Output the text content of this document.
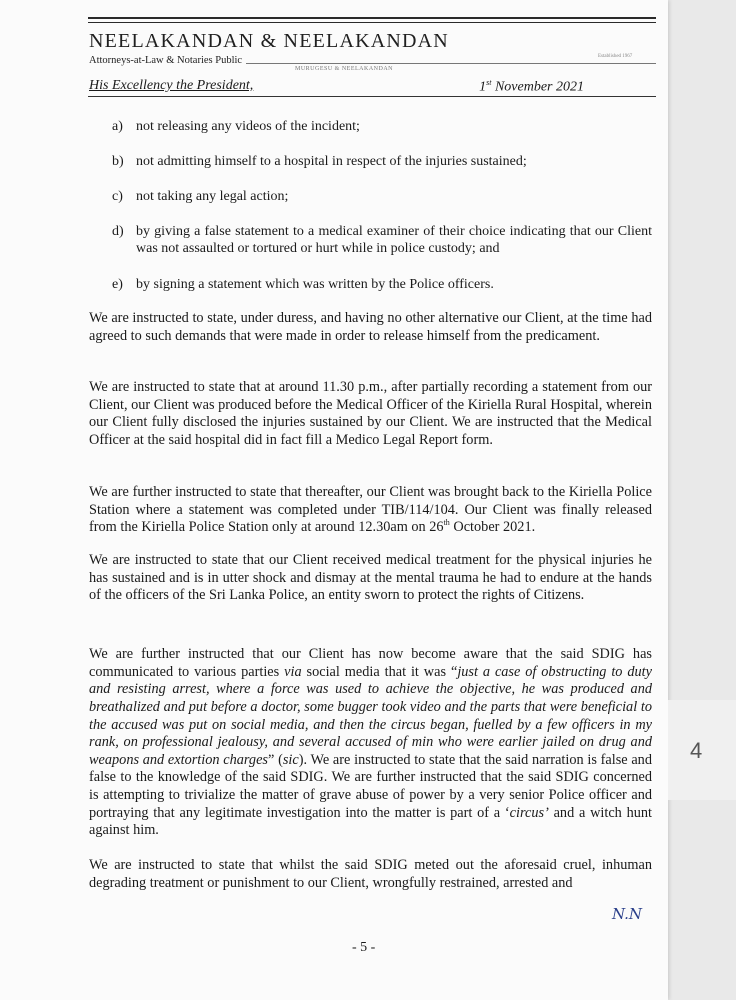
NEELAKANDAN & NEELAKANDAN
Attorneys-at-Law & Notaries Public	Established 1967
MURUGESU & NEELAKANDAN
His Excellency the President,	1st November 2021
a) not releasing any videos of the incident;
b) not admitting himself to a hospital in respect of the injuries sustained;
c) not taking any legal action;
d) by giving a false statement to a medical examiner of their choice indicating that our Client was not assaulted or tortured or hurt while in police custody; and
e) by signing a statement which was written by the Police officers.

We are instructed to state, under duress, and having no other alternative our Client, at the time had agreed to such demands that were made in order to release himself from the predicament.

We are instructed to state that at around 11.30 p.m., after partially recording a statement from our Client, our Client was produced before the Medical Officer of the Kiriella Rural Hospital, wherein our Client fully disclosed the injuries sustained by our Client. We are instructed that the Medical Officer at the said hospital did in fact fill a Medico Legal Report form.

We are further instructed to state that thereafter, our Client was brought back to the Kiriella Police Station where a statement was completed under TIB/114/104. Our Client was finally released from the Kiriella Police Station only at around 12.30am on 26th October 2021.

We are instructed to state that our Client received medical treatment for the physical injuries he has sustained and is in utter shock and dismay at the mental trauma he had to endure at the hands of the officers of the Sri Lanka Police, an entity sworn to protect the rights of Citizens.

We are further instructed that our Client has now become aware that the said SDIG has communicated to various parties via social media that it was “just a case of obstructing to duty and resisting arrest, where a force was used to achieve the objective, he was produced and breathalized and put before a doctor, some bugger took video and the parts that were beneficial to the accused was put on social media, and then the circus began, fuelled by a few officers in my rank, on professional jealousy, and several accused of min who were earlier jailed on drug and weapons and extortion charges” (sic). We are instructed to state that the said narration is false and false to the knowledge of the said SDIG. We are further instructed that the said SDIG concerned is attempting to trivialize the matter of grave abuse of power by a very senior Police officer and portraying that any legitimate investigation into the matter is part of a ‘circus’ and a witch hunt against him.

We are instructed to state that whilst the said SDIG meted out the aforesaid cruel, inhuman degrading treatment or punishment to our Client, wrongfully restrained, arrested and

N.N
- 5 -
4
